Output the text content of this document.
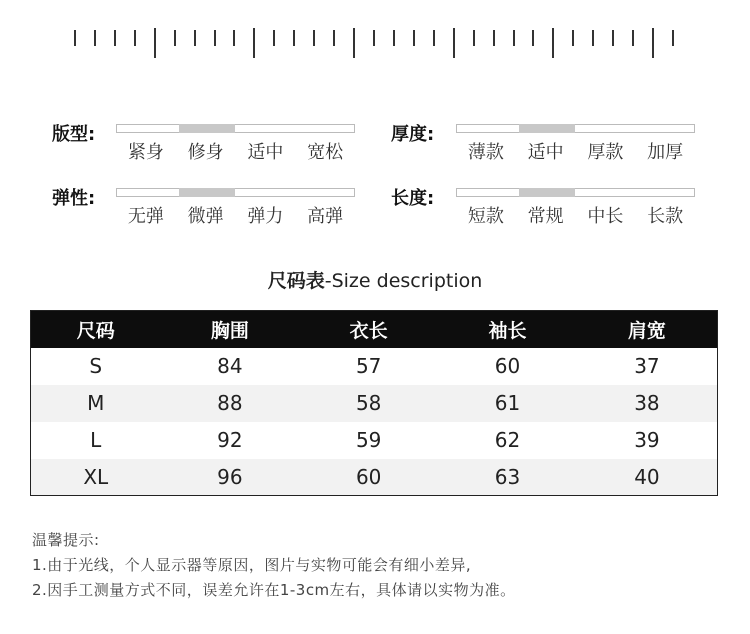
版型:
紧身	修身	适中	宽松
厚度:
薄款	适中	厚款	加厚
弹性:
无弹	微弹	弹力	高弹
长度:
短款	常规	中长	长款
尺码表-Size description
尺码	胸围	衣长	袖长	肩宽
S	84	57	60	37
M	88	58	61	38
L	92	59	62	39
XL	96	60	63	40
温馨提示:
1.由于光线，个人显示器等原因，图片与实物可能会有细小差异,
2.因手工测量方式不同，误差允许在1-3cm左右，具体请以实物为准。
